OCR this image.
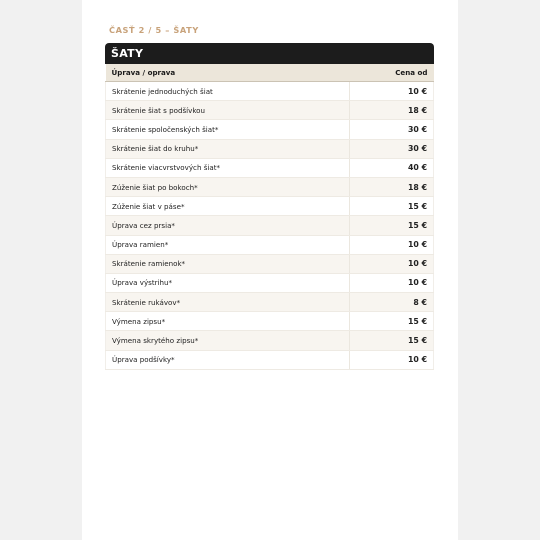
ČASŤ 2 / 5 – ŠATY

ŠATY
Úprava / oprava	Cena od
Skrátenie jednoduchých šiat	10 €
Skrátenie šiat s podšívkou	18 €
Skrátenie spoločenských šiat*	30 €
Skrátenie šiat do kruhu*	30 €
Skrátenie viacvrstvových šiat*	40 €
Zúženie šiat po bokoch*	18 €
Zúženie šiat v páse*	15 €
Úprava cez prsia*	15 €
Úprava ramien*	10 €
Skrátenie ramienok*	10 €
Úprava výstrihu*	10 €
Skrátenie rukávov*	8 €
Výmena zipsu*	15 €
Výmena skrytého zipsu*	15 €
Úprava podšívky*	10 €
